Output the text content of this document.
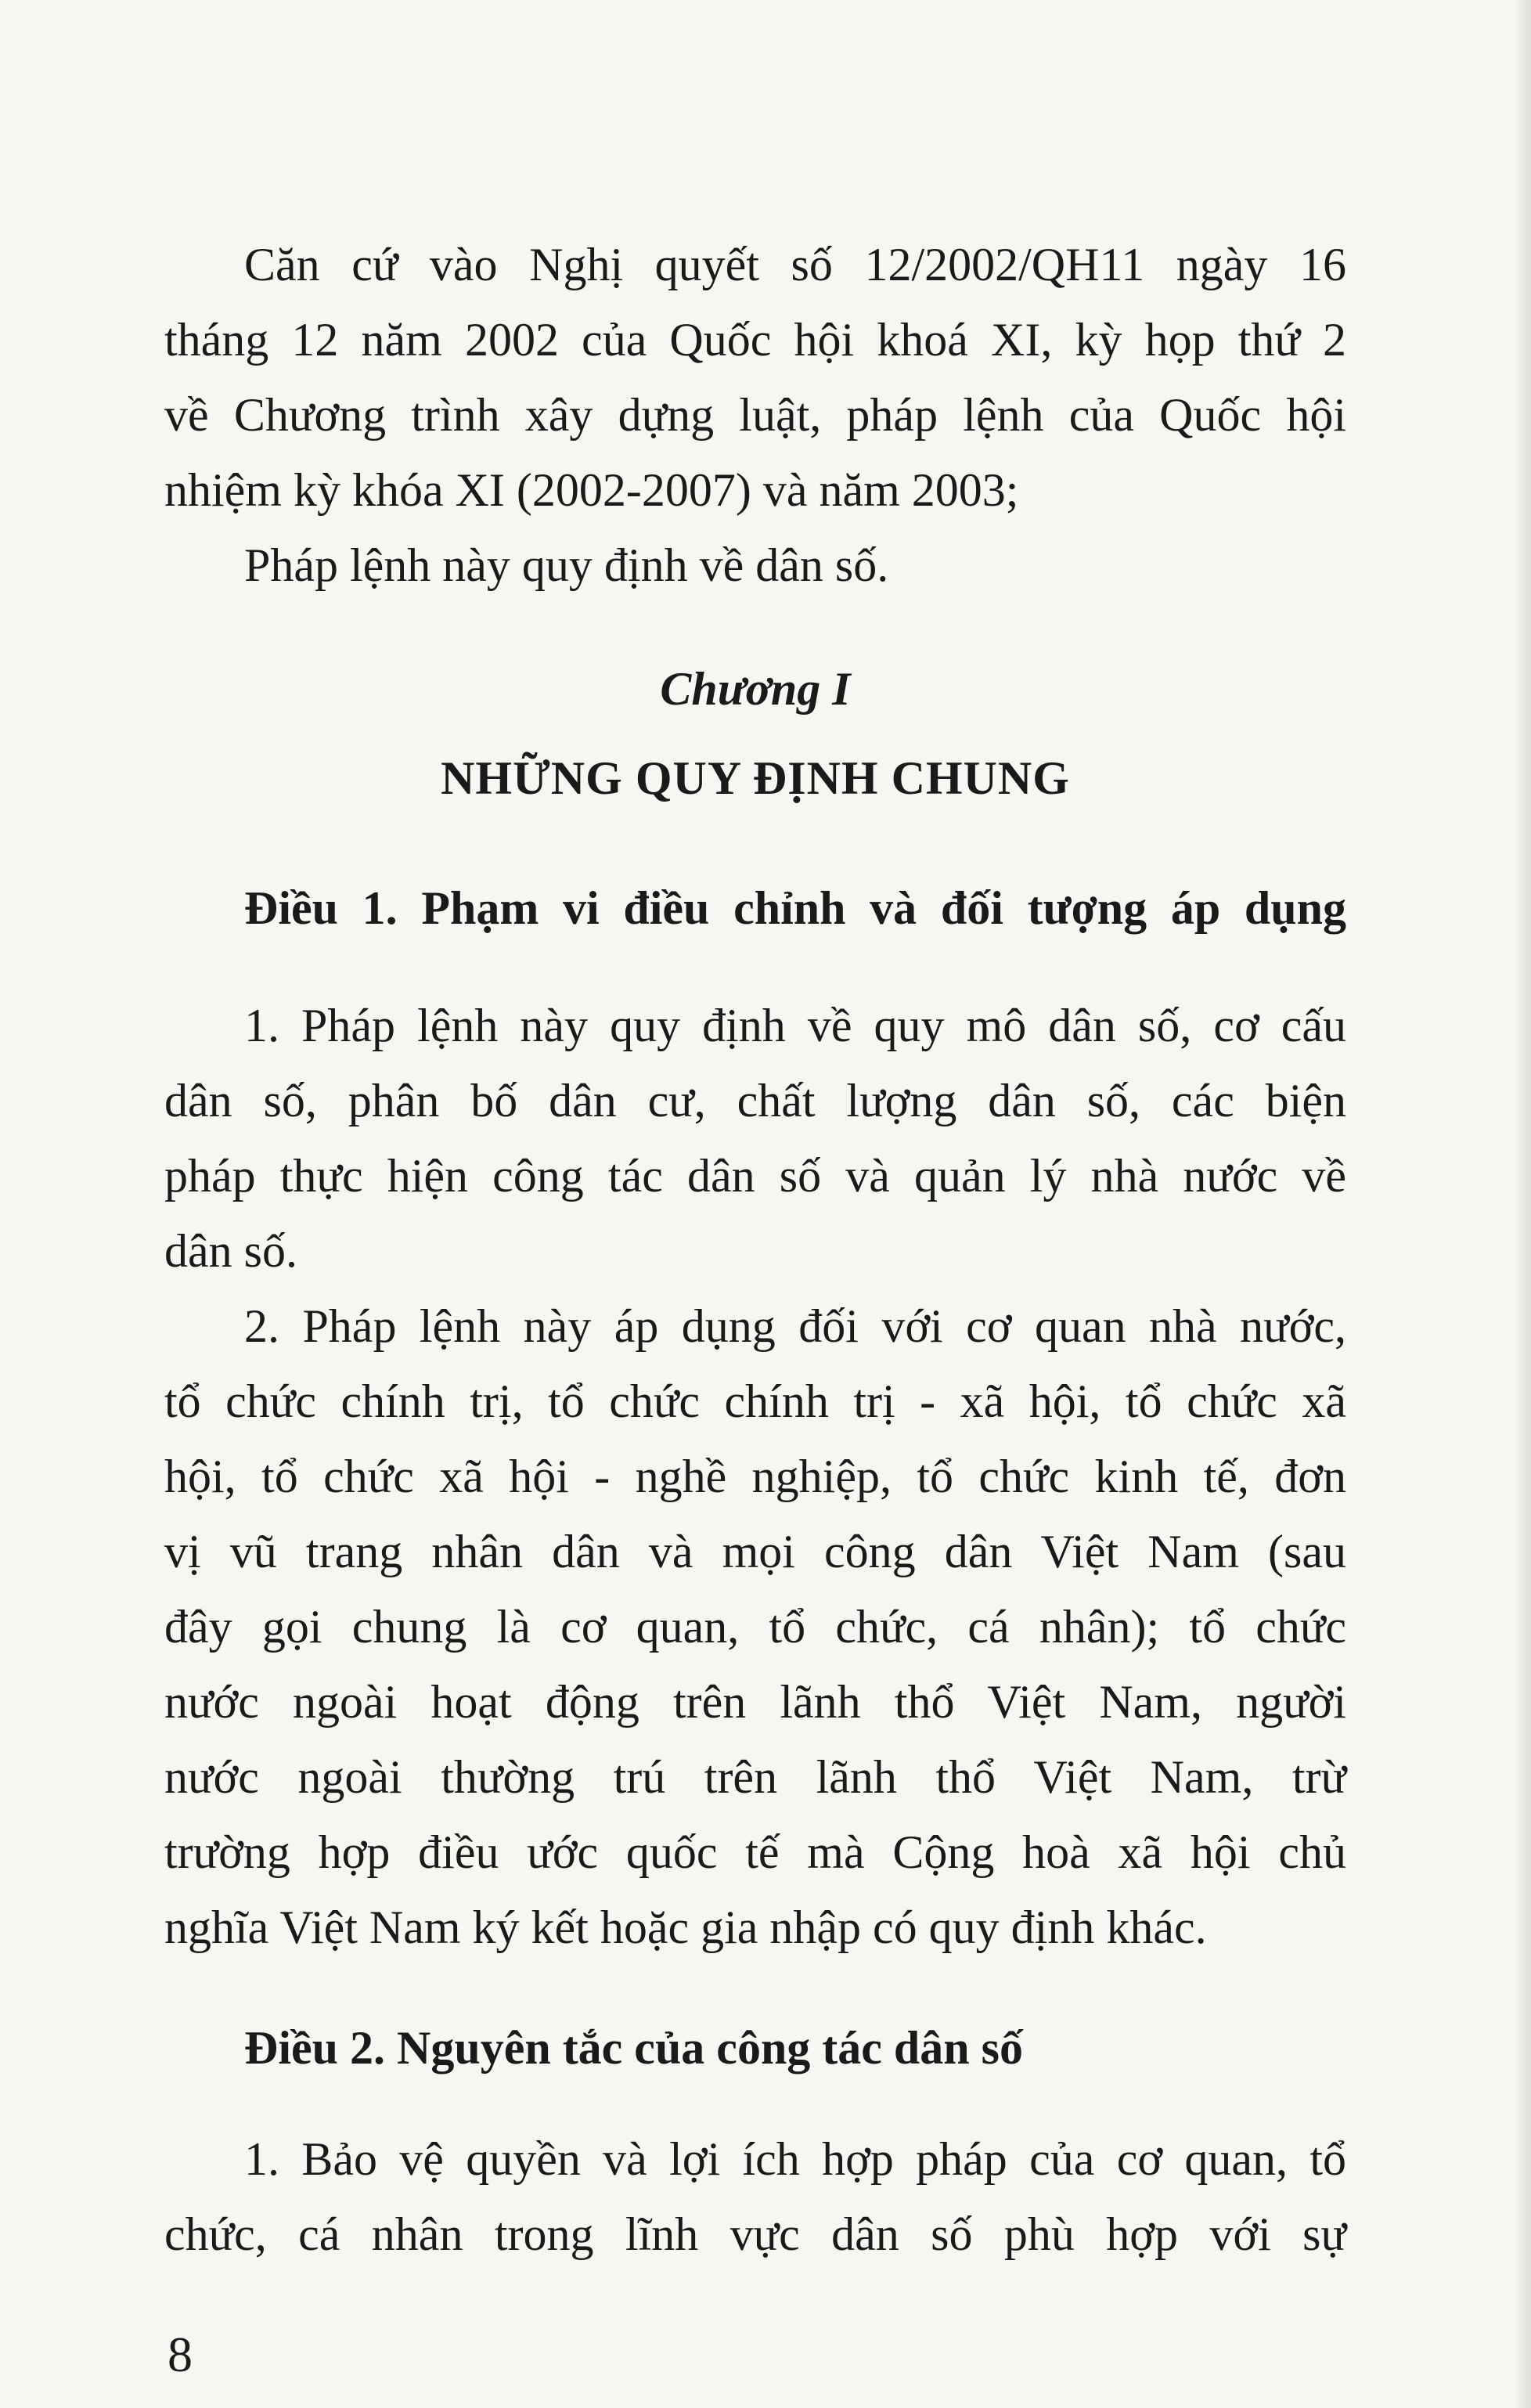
Căn cứ vào Nghị quyết số 12/2002/QH11 ngày 16

tháng 12 năm 2002 của Quốc hội khoá XI, kỳ họp thứ 2

về Chương trình xây dựng luật, pháp lệnh của Quốc hội

nhiệm kỳ khóa XI (2002-2007) và năm 2003;

Pháp lệnh này quy định về dân số.

Chương I

NHỮNG QUY ĐỊNH CHUNG

Điều 1. Phạm vi điều chỉnh và đối tượng áp dụng

1. Pháp lệnh này quy định về quy mô dân số, cơ cấu

dân số, phân bố dân cư, chất lượng dân số, các biện

pháp thực hiện công tác dân số và quản lý nhà nước về

dân số.

2. Pháp lệnh này áp dụng đối với cơ quan nhà nước,

tổ chức chính trị, tổ chức chính trị - xã hội, tổ chức xã

hội, tổ chức xã hội - nghề nghiệp, tổ chức kinh tế, đơn

vị vũ trang nhân dân và mọi công dân Việt Nam (sau

đây gọi chung là cơ quan, tổ chức, cá nhân); tổ chức

nước ngoài hoạt động trên lãnh thổ Việt Nam, người

nước ngoài thường trú trên lãnh thổ Việt Nam, trừ

trường hợp điều ước quốc tế mà Cộng hoà xã hội chủ

nghĩa Việt Nam ký kết hoặc gia nhập có quy định khác.

Điều 2. Nguyên tắc của công tác dân số

1. Bảo vệ quyền và lợi ích hợp pháp của cơ quan, tổ

chức, cá nhân trong lĩnh vực dân số phù hợp với sự

8
